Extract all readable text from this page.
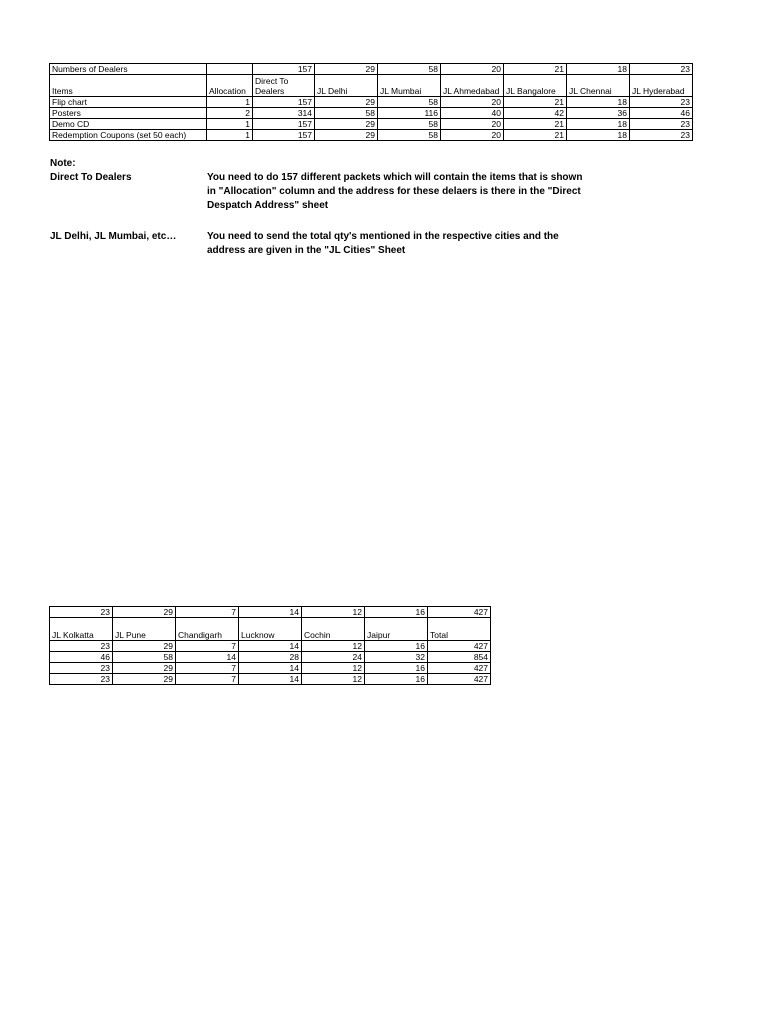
Numbers of Dealers		157	29	58	20	21	18	23
Items	Allocation	Direct To Dealers	JL Delhi	JL Mumbai	JL Ahmedabad	JL Bangalore	JL Chennai	JL Hyderabad
Flip chart	1	157	29	58	20	21	18	23
Posters	2	314	58	116	40	42	36	46
Demo CD	1	157	29	58	20	21	18	23
Redemption Coupons (set 50 each)	1	157	29	58	20	21	18	23
Note:
Direct To Dealers	You need to do 157 different packets which will contain the items that is shown in "Allocation" column and the address for these delaers is there in the "Direct Despatch Address" sheet
JL Delhi, JL Mumbai, etc…	You need to send the total qty's mentioned in the respective cities and the address are given in the "JL Cities" Sheet
23	29	7	14	12	16	427
JL Kolkatta	JL Pune	Chandigarh	Lucknow	Cochin	Jaipur	Total
23	29	7	14	12	16	427
46	58	14	28	24	32	854
23	29	7	14	12	16	427
23	29	7	14	12	16	427
